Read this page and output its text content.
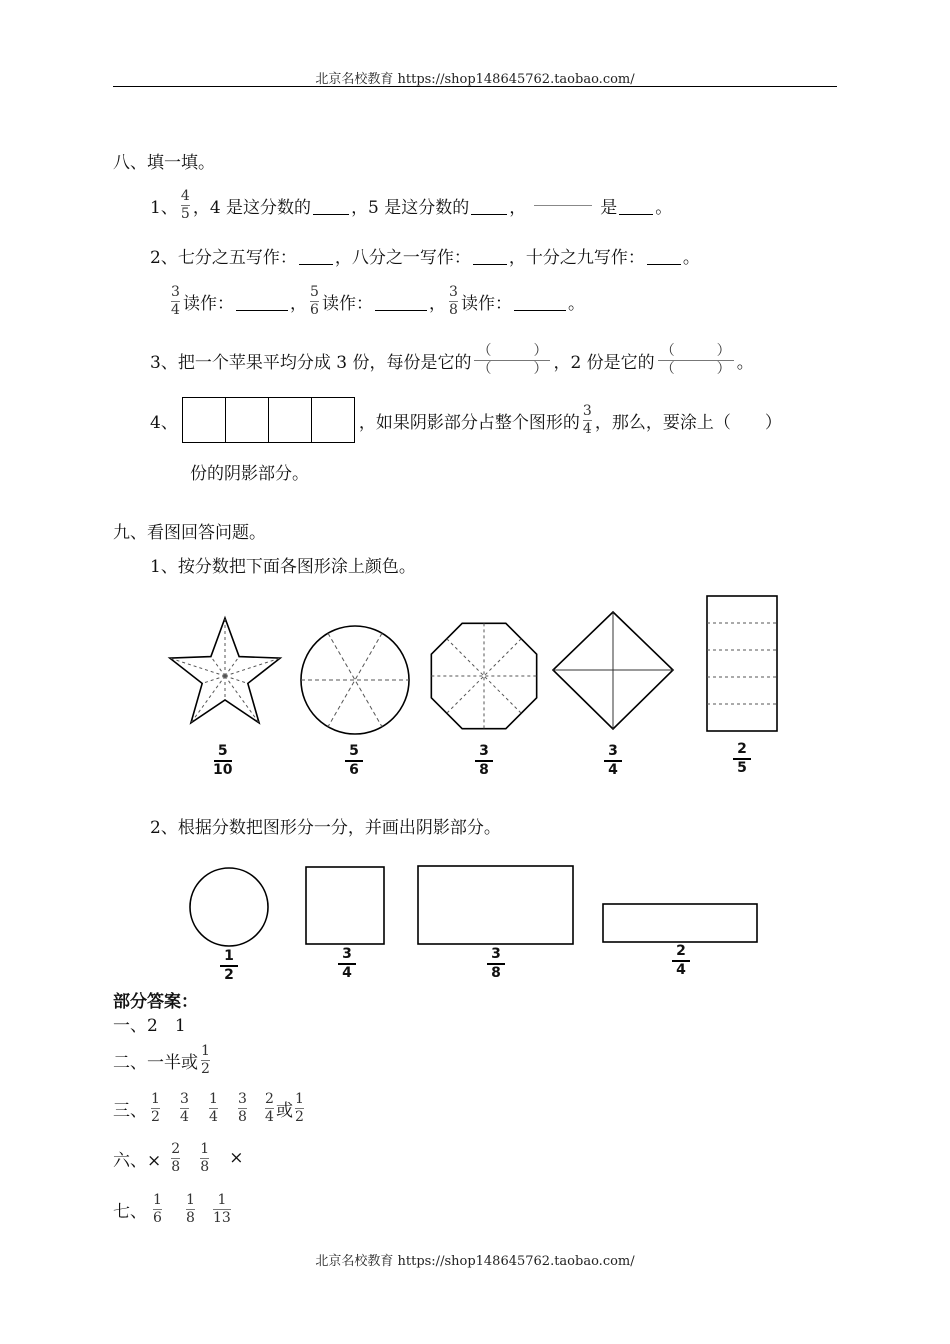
北京名校教育 https://shop148645762.taobao.com/
八、填一填。
1、 $\frac{4}{5}$ ，4 是这分数的 ，5 是这分数的 ，	是 。
2、七分之五写作： ，八分之一写作： ，十分之九写作： 。
$\frac{3}{4}$ 读作：	， $\frac{5}{6}$ 读作：	， $\frac{3}{8}$ 读作：	。
3、把一个苹果平均分成 3 份，每份是它的 $\frac{( )}{( )}$ ，2 份是它的 $\frac{( )}{( )}$ 。
4、	，如果阴影部分占整个图形的 $\frac{3}{4}$ ，那么，要涂上（　　）
份的阴影部分。
九、看图回答问题。
1、按分数把下面各图形涂上颜色。
5
10
5
6
3
8
3
4
2
5
2、根据分数把图形分一分，并画出阴影部分。
1
2
3
4
3
8
2
4
部分答案：
一、2　1
二、一半或 $\frac{1}{2}$
三、 $\frac{1}{2} \frac{3}{4} \frac{1}{4} \frac{3}{8} \frac{2}{4}$ 或 $\frac{1}{2}$
六、× $\frac{2}{8} \frac{1}{8}$ ×
七、 $\frac{1}{6} \frac{1}{8} \frac{1}{13}$
北京名校教育 https://shop148645762.taobao.com/
